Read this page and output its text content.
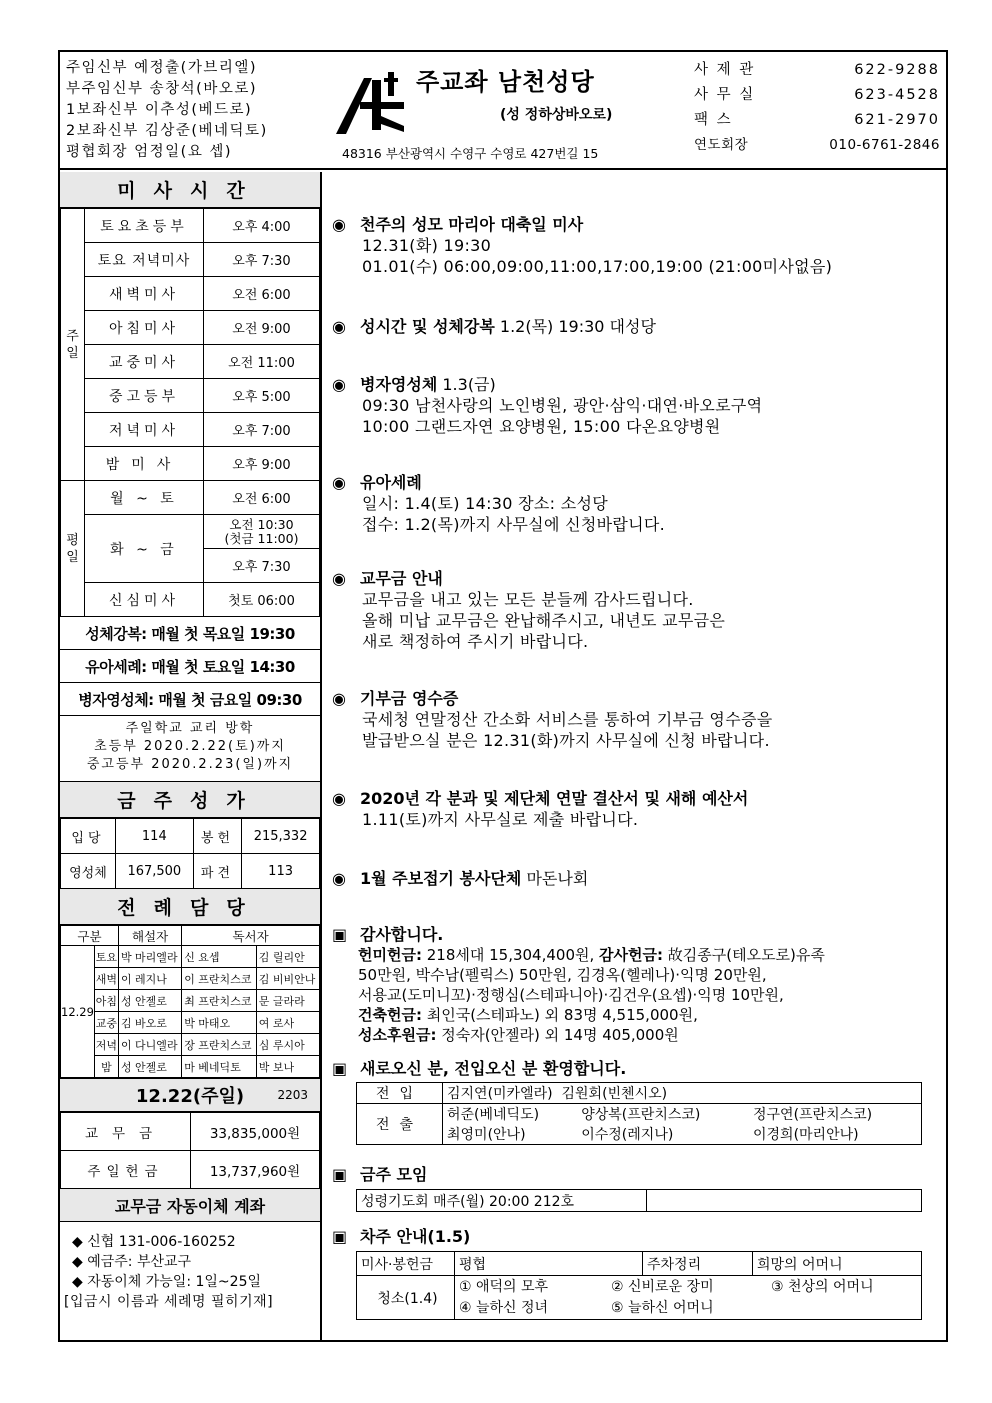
주임신부 예정출(가브리엘)
부주임신부 송창석(바오로)
1보좌신부 이추성(베드로)
2보좌신부 김상준(베네딕토)
평협회장 엄정일(요 셉)
주교좌 남천성당
(성 정하상바오로)
48316 부산광역시 수영구 수영로 427번길 15
사 제 관	622-9288
사 무 실	623-4528
팩 스	621-2970
연도회장	010-6761-2846
미사시간
주일	토요초등부	오후 4:00
	토요 저녁미사	오후 7:30
	새벽미사	오전 6:00
	아침미사	오전 9:00
	교중미사	오전 11:00
	중고등부	오후 5:00
	저녁미사	오후 7:00
	밤미사	오후 9:00
평일	월 ~ 토	오전 6:00
	화 ~ 금	오전 10:30
(첫금 11:00)

		오후 7:30
	신심미사	첫토 06:00
성체강복: 매월 첫 목요일 19:30
유아세례: 매월 첫 토요일 14:30
병자영성체: 매월 첫 금요일 09:30
주일학교 교리 방학
초등부 2020.2.22(토)까지
중고등부 2020.2.23(일)까지
금주성가
입당	114	봉헌	215,332
영성체	167,500	파견	113
전례담당
구분		해설자	독서자	
12.29	토요	박 마리엘라	신 요셉	김 릴리안
	새벽	이 레지나	이 프란치스코	김 비비안나
	아침	성 안젤로	최 프란치스코	문 글라라
	교중	김 바오로	박 마태오	여 로사
	저녁	이 다니엘라	장 프란치스코	심 루시아
	밤	성 안젤로	마 베네딕토	박 보나
12.22(주일)	2203
교무금	33,835,000원
주일헌금	13,737,960원
교무금 자동이체 계좌
◆ 신협 131-006-160252
◆ 예금주: 부산교구
◆ 자동이체 가능일: 1일~25일
[입금시 이름과 세례명 필히기재]
◉ 천주의 성모 마리아 대축일 미사
12.31(화) 19:30
01.01(수) 06:00,09:00,11:00,17:00,19:00 (21:00미사없음)
◉ 성시간 및 성체강복 1.2(목) 19:30 대성당
◉ 병자영성체 1.3(금)
09:30 남천사랑의 노인병원, 광안·삼익·대연·바오로구역
10:00 그랜드자연 요양병원, 15:00 다온요양병원
◉ 유아세례
일시: 1.4(토) 14:30 장소: 소성당
접수: 1.2(목)까지 사무실에 신청바랍니다.
◉ 교무금 안내
교무금을 내고 있는 모든 분들께 감사드립니다.
올해 미납 교무금은 완납해주시고, 내년도 교무금은
새로 책정하여 주시기 바랍니다.
◉ 기부금 영수증
국세청 연말정산 간소화 서비스를 통하여 기부금 영수증을
발급받으실 분은 12.31(화)까지 사무실에 신청 바랍니다.
◉ 2020년 각 분과 및 제단체 연말 결산서 및 새해 예산서
1.11(토)까지 사무실로 제출 바랍니다.
◉ 1월 주보접기 봉사단체 마돈나회
▣ 감사합니다.
헌미헌금: 218세대 15,304,400원, 감사헌금: 故김종구(테오도로)유족
50만원, 박수남(펠릭스) 50만원, 김경옥(헬레나)·익명 20만원,
서용교(도미니꼬)·정행심(스테파니아)·김건우(요셉)·익명 10만원,
건축헌금: 최인국(스테파노) 외 83명 4,515,000원,
성소후원금: 정숙자(안젤라) 외 14명 405,000원
▣ 새로오신 분, 전입오신 분 환영합니다.
전입	김지연(미카엘라) 김원회(빈첸시오)		
전출	허준(베네딕도)	양상복(프란치스코)	정구연(프란치스코)
	최영미(안나)	이수정(레지나)	이경희(마리안나)
▣ 금주 모임
성령기도회 매주(월) 20:00 212호	
▣ 차주 안내(1.5)
미사·봉헌금	평협	주차정리	희망의 어머니
청소(1.4)	① 애덕의 모후 ② 신비로운 장미 ③ 천상의 어머니
④ 늘하신 정녀 ⑤ 늘하신 어머니		
